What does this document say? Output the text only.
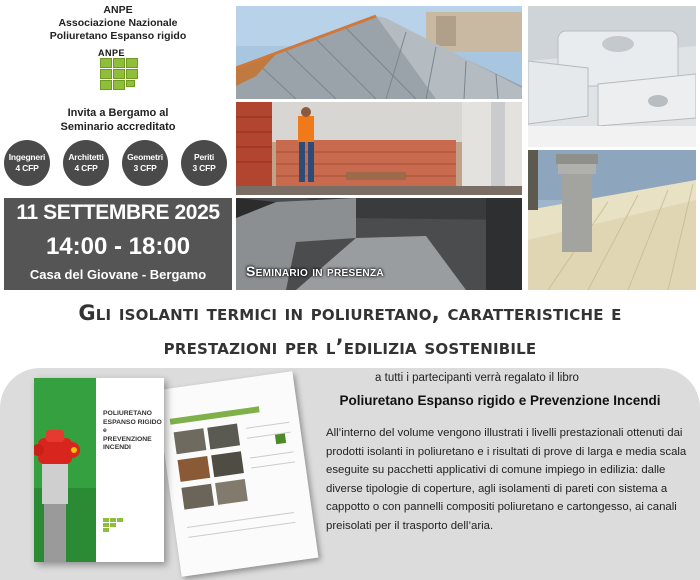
ANPE
Associazione Nazionale
Poliuretano Espanso rigido
ANPE
Invita a Bergamo al
Seminario accreditato
Ingegneri
4 CFP
Architetti
4 CFP
Geometri
3 CFP
Periti
3 CFP
11 SETTEMBRE 2025
14:00 - 18:00
Casa del Giovane - Bergamo	Seminario in presenza
Gli isolanti termici in poliuretano, caratteristiche e
prestazioni per l’edilizia sostenibile
POLIURETANO
ESPANSO RIGIDO
e
PREVENZIONE
INCENDI
a tutti i partecipanti verrà regalato il libro
Poliuretano Espanso rigido e Prevenzione Incendi
All’interno del volume vengono illustrati i livelli prestazionali ottenuti dai prodotti isolanti in poliuretano e i risultati di prove di larga e media scala eseguite su pacchetti applicativi di comune impiego in edilizia: dalle diverse tipologie di coperture, agli isolamenti di pareti con sistema a cappotto o con pannelli compositi poliuretano e cartongesso, ai canali preisolati per il trasporto dell’aria.
